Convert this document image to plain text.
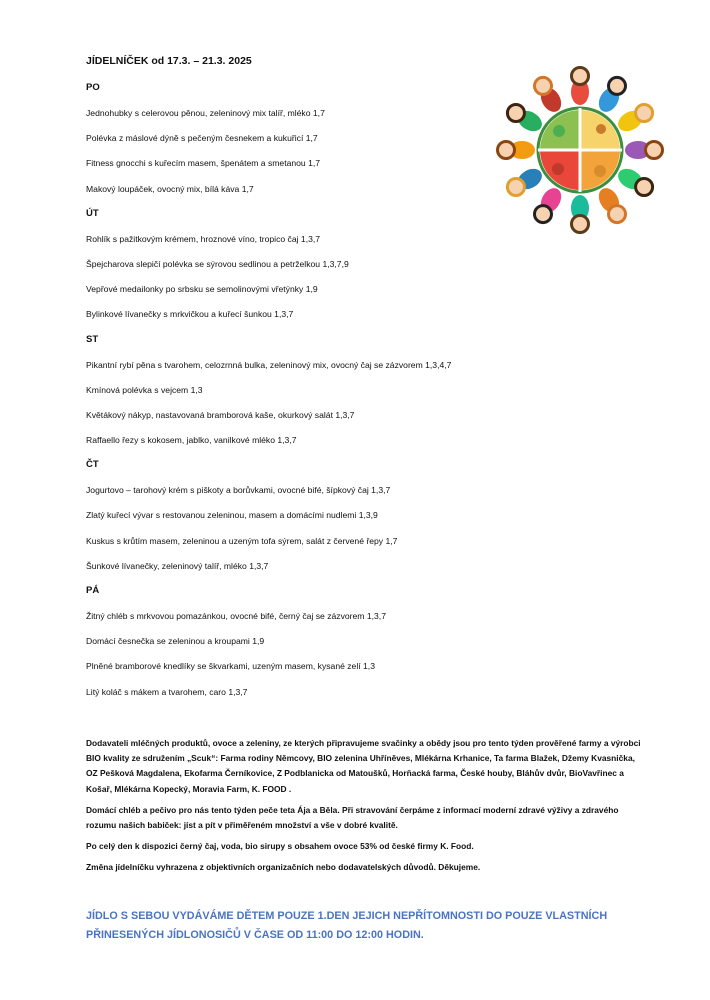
JÍDELNÍČEK od 17.3. – 21.3. 2025
PO
Jednohubky s celerovou pěnou, zeleninový mix talíř, mléko 1,7
Polévka z máslové dýně s pečeným česnekem a kukuřicí 1,7
Fitness gnocchi s kuřecím masem, špenátem a smetanou 1,7
Makový loupáček, ovocný mix, bílá káva 1,7
ÚT
Rohlík s pažitkovým krémem, hroznové víno, tropico čaj 1,3,7
Špejcharova slepičí polévka se sýrovou sedlinou a petrželkou 1,3,7,9
Vepřové medailonky po srbsku se semolinovými vřetýnky 1,9
Bylinkové lívanečky s mrkvičkou a kuřecí šunkou 1,3,7
ST
Pikantní rybí pěna s tvarohem, celozrnná bulka, zeleninový mix, ovocný čaj se zázvorem 1,3,4,7
Kmínová polévka s vejcem 1,3
Květákový nákyp, nastavovaná bramborová kaše, okurkový salát 1,3,7
Raffaello řezy s kokosem, jablko, vanilkové mléko 1,3,7
ČT
Jogurtovo – tarohový krém s piškoty a borůvkami, ovocné bifé, šípkový čaj 1,3,7
Zlatý kuřecí vývar s restovanou zeleninou, masem a domácími nudlemi 1,3,9
Kuskus s krůtím masem, zeleninou a uzeným tofa sýrem, salát z červené řepy 1,7
Šunkové lívanečky, zeleninový talíř, mléko 1,3,7
PÁ
Žitný chléb s mrkvovou pomazánkou, ovocné bifé, černý čaj se zázvorem 1,3,7
Domácí česnečka se zeleninou a kroupami 1,9
Plněné bramborové knedlíky se škvarkami, uzeným masem, kysané zelí 1,3
Litý koláč s mákem a tvarohem, caro 1,3,7

Dodavateli mléčných produktů, ovoce a zeleniny, ze kterých připravujeme svačinky a obědy jsou pro tento týden prověřené farmy a výrobci BIO kvality ze sdružením „Scuk“: Farma rodiny Němcovy, BIO zelenina Uhříněves, Mlékárna Krhanice, Ta farma Blažek, Džemy Kvasnička, OZ Pešková Magdalena, Ekofarma Černíkovice, Z Podblanicka od Matoušků, Horňacká farma, České houby, Bláhův dvůr, BioVavřinec a Košař, Mlékárna Kopecký, Moravia Farm, K. FOOD .

Domácí chléb a pečivo pro nás tento týden peče teta Ája a Běla. Při stravování čerpáme z informací moderní zdravé výživy a zdravého rozumu našich babiček: jíst a pít v přiměřeném množství a vše v dobré kvalitě.

Po celý den k dispozici černý čaj, voda, bio sirupy s obsahem ovoce 53% od české firmy K. Food.

Změna jídelníčku vyhrazena z objektivních organizačních nebo dodavatelských důvodů. Děkujeme.

JÍDLO S SEBOU VYDÁVÁME DĚTEM POUZE 1.DEN JEJICH NEPŘÍTOMNOSTI DO POUZE VLASTNÍCH PŘINESENÝCH JÍDLONOSIČŮ V ČASE OD 11:00 DO 12:00 HODIN.
